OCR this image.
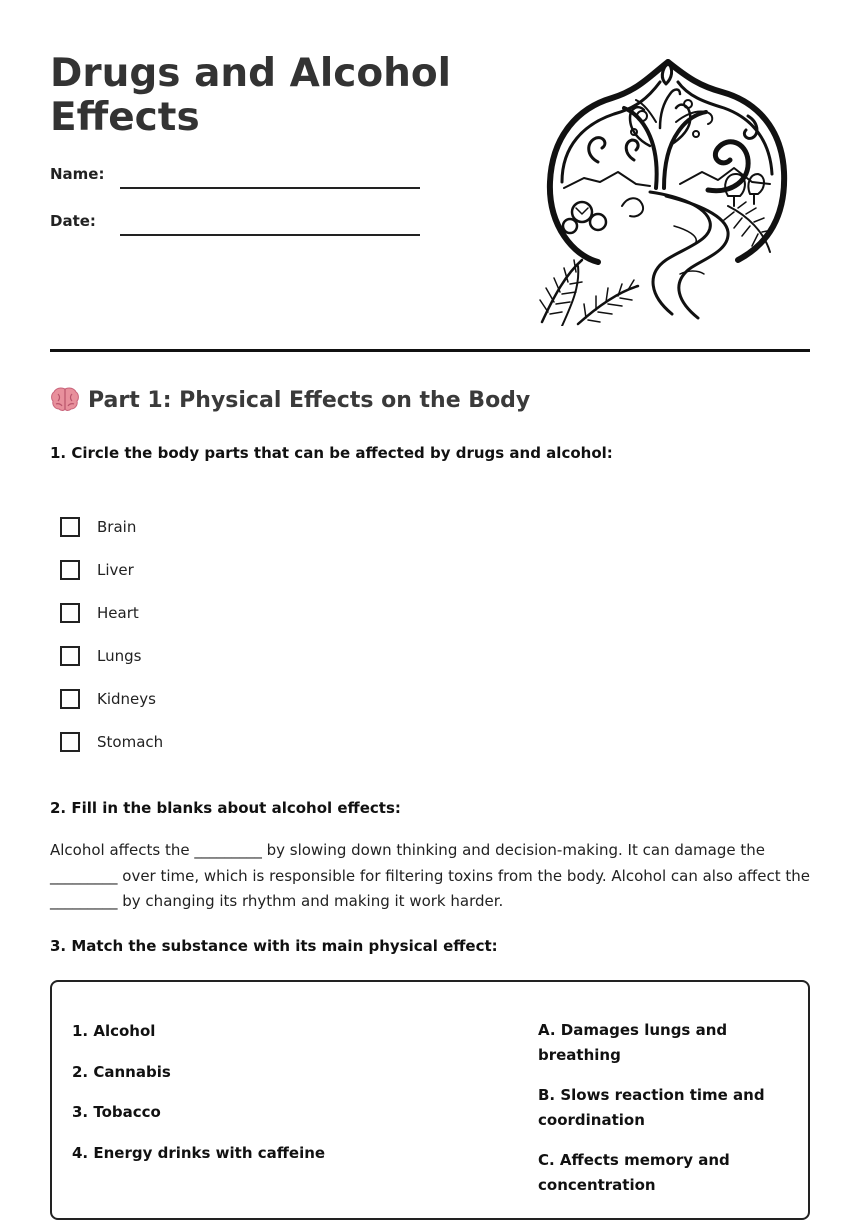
Drugs and Alcohol Effects
Name:
Date:
Part 1: Physical Effects on the Body

1. Circle the body parts that can be affected by drugs and alcohol:

Brain
Liver
Heart
Lungs
Kidneys
Stomach

2. Fill in the blanks about alcohol effects:

Alcohol affects the _________ by slowing down thinking and decision-making. It can damage the _________ over time, which is responsible for filtering toxins from the body. Alcohol can also affect the _________ by changing its rhythm and making it work harder.

3. Match the substance with its main physical effect:

1. Alcohol
2. Cannabis
3. Tobacco
4. Energy drinks with caffeine
A. Damages lungs and breathing
B. Slows reaction time and coordination
C. Affects memory and concentration
